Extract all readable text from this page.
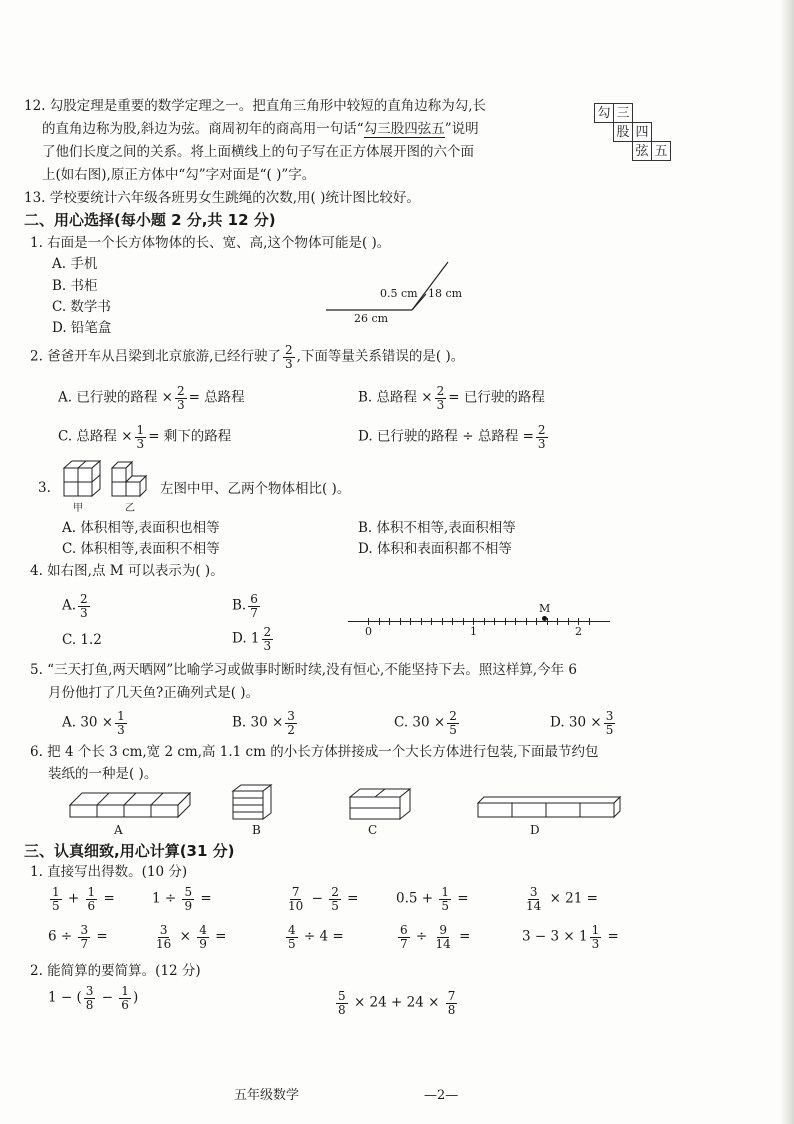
12. 勾股定理是重要的数学定理之一。把直角三角形中较短的直角边称为勾,长
的直角边称为股,斜边为弦。商周初年的商高用一句话“勾三股四弦五”说明
了他们长度之间的关系。将上面横线上的句子写在正方体展开图的六个面
上(如右图),原正方体中“勾”字对面是“( )”字。
勾 三
股 四
弦 五
13. 学校要统计六年级各班男女生跳绳的次数,用( )统计图比较好。
二、用心选择(每小题 2 分,共 12 分)
1. 右面是一个长方体物体的长、宽、高,这个物体可能是( )。
A. 手机
B. 书柜
C. 数学书
D. 铅笔盒
0.5 cm 18 cm
26 cm
2. 爸爸开车从吕梁到北京旅游,已经行驶了 $\frac{2}{3}$ ,下面等量关系错误的是( )。
A. 已行驶的路程 × $\frac{2}{3}$ = 总路程	B. 总路程 × $\frac{2}{3}$ = 已行驶的路程
C. 总路程 × $\frac{1}{3}$ = 剩下的路程	D. 已行驶的路程 ÷ 总路程 = $\frac{2}{3}$
3.
甲	乙
左图中甲、乙两个物体相比( )。
A. 体积相等,表面积也相等	B. 体积不相等,表面积相等
C. 体积相等,表面积不相等	D. 体积和表面积都不相等
4. 如右图,点 M 可以表示为( )。
A. $\frac{2}{3}$	B. $\frac{6}{7}$
C. 1.2	D. $1 \frac{2}{3}$
M
0	1	2
5. “三天打鱼,两天晒网”比喻学习或做事时断时续,没有恒心,不能坚持下去。照这样算,今年 6
月份他打了几天鱼?正确列式是( )。
A. $30 \times \frac{1}{3}$	B. $30 \times \frac{3}{2}$	C. $30 \times \frac{2}{5}$	D. $30 \times \frac{3}{5}$
6. 把 4 个长 3 cm,宽 2 cm,高 1.1 cm 的小长方体拼接成一个大长方体进行包装,下面最节约包
装纸的一种是( )。
A	B	C	D
三、认真细致,用心计算(31 分)
1. 直接写出得数。(10 分)
$\frac{1}{5} + \frac{1}{6}$ =	$1 \div \frac{5}{9}$ =	$\frac{7}{10} - \frac{2}{5}$ =	$0.5 + \frac{1}{5}$ =	$\frac{3}{14} \times 21$ =
$6 \div \frac{3}{7}$ =	$\frac{3}{16} \times \frac{4}{9}$ =	$\frac{4}{5} \div 4$ =	$\frac{6}{7} \div \frac{9}{14}$ =	$3 - 3 \times 1 \frac{1}{3}$ =
2. 能简算的要简算。(12 分)
1 − ( $\frac{3}{8} - \frac{1}{6}$ )	$\frac{5}{8} \times 24 + 24 \times \frac{7}{8}$
五年级数学	—2—
